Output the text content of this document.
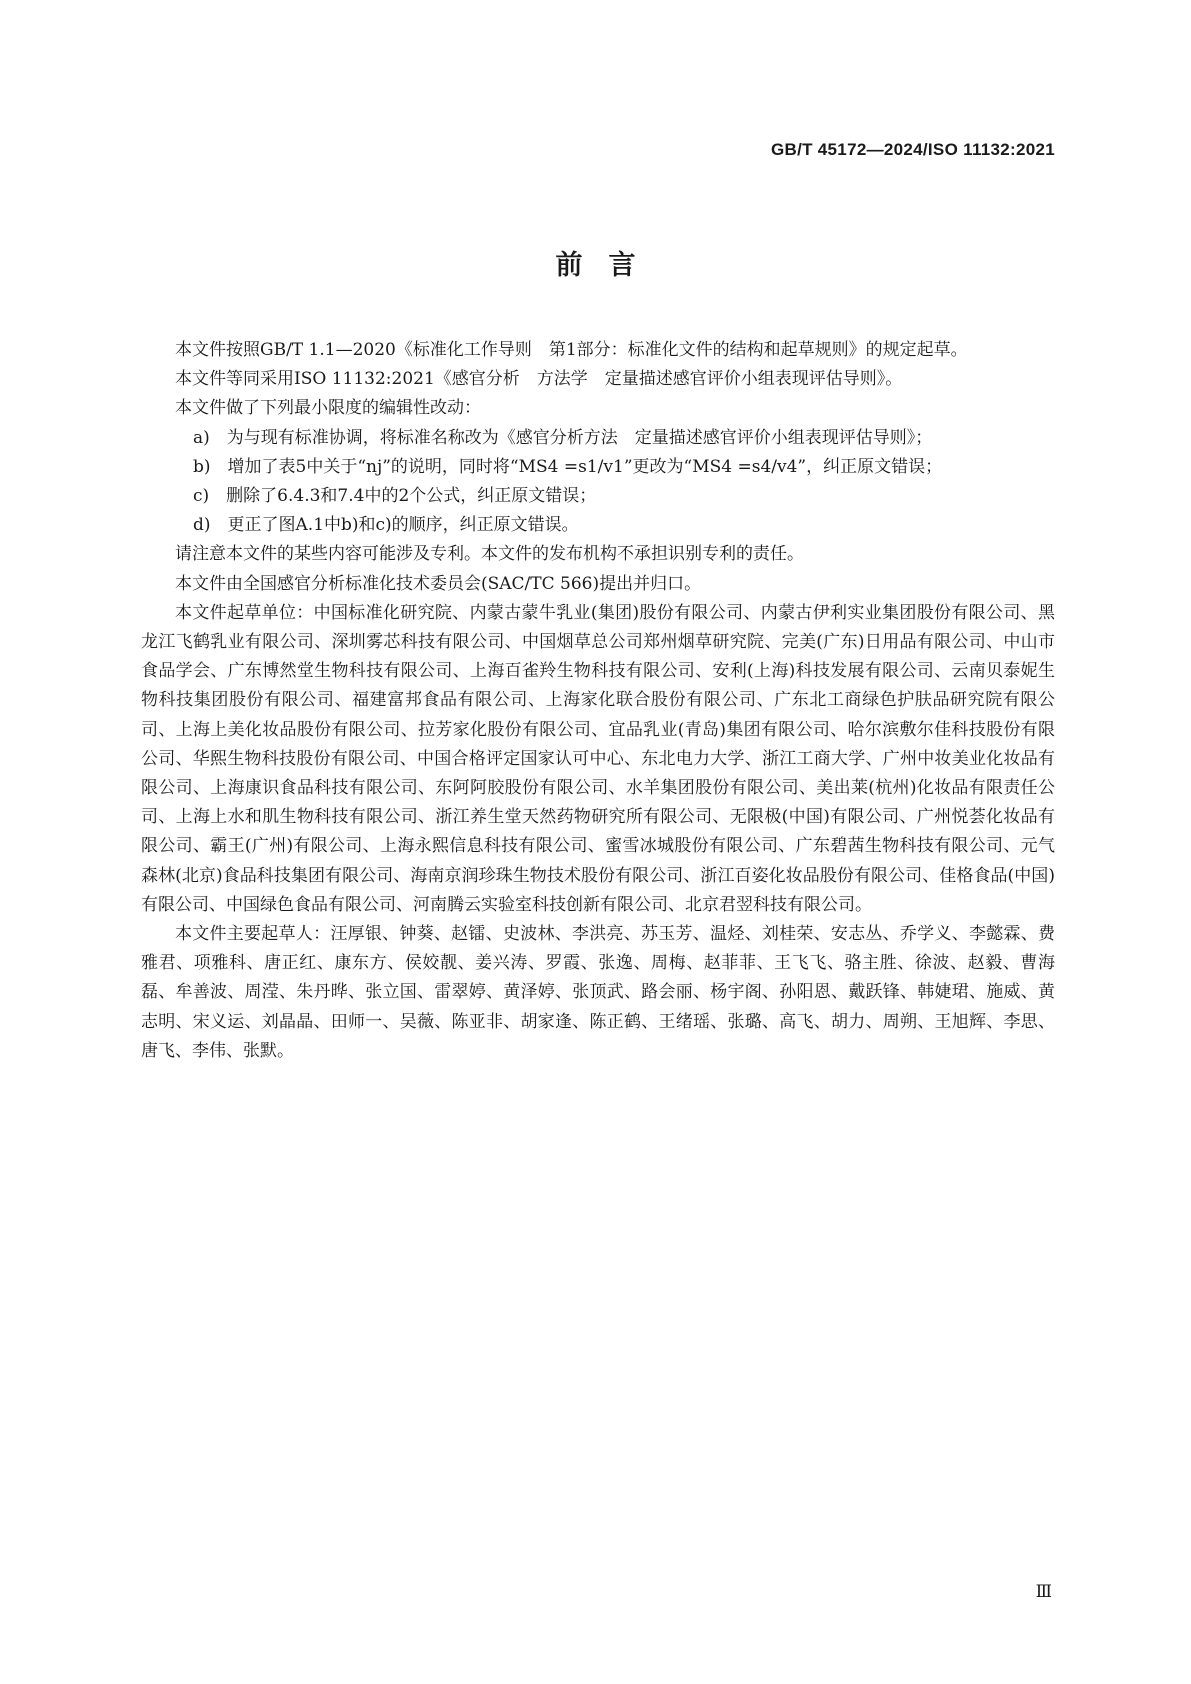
GB/T 45172—2024/ISO 11132:2021
前言

本文件按照GB/T 1.1—2020《标准化工作导则　第1部分：标准化文件的结构和起草规则》的规定起草。

本文件等同采用ISO 11132:2021《感官分析　方法学　定量描述感官评价小组表现评估导则》。

本文件做了下列最小限度的编辑性改动：

a)　为与现有标准协调，将标准名称改为《感官分析方法　定量描述感官评价小组表现评估导则》；

b)　增加了表5中关于“nj”的说明，同时将“MS4 =s1/v1”更改为“MS4 =s4/v4”，纠正原文错误；

c)　删除了6.4.3和7.4中的2个公式，纠正原文错误；

d)　更正了图A.1中b)和c)的顺序，纠正原文错误。

请注意本文件的某些内容可能涉及专利。本文件的发布机构不承担识别专利的责任。

本文件由全国感官分析标准化技术委员会(SAC/TC 566)提出并归口。

本文件起草单位：中国标准化研究院、内蒙古蒙牛乳业(集团)股份有限公司、内蒙古伊利实业集团股份有限公司、黑龙江飞鹤乳业有限公司、深圳雾芯科技有限公司、中国烟草总公司郑州烟草研究院、完美(广东)日用品有限公司、中山市食品学会、广东博然堂生物科技有限公司、上海百雀羚生物科技有限公司、安利(上海)科技发展有限公司、云南贝泰妮生物科技集团股份有限公司、福建富邦食品有限公司、上海家化联合股份有限公司、广东北工商绿色护肤品研究院有限公司、上海上美化妆品股份有限公司、拉芳家化股份有限公司、宜品乳业(青岛)集团有限公司、哈尔滨敷尔佳科技股份有限公司、华熙生物科技股份有限公司、中国合格评定国家认可中心、东北电力大学、浙江工商大学、广州中妆美业化妆品有限公司、上海康识食品科技有限公司、东阿阿胶股份有限公司、水羊集团股份有限公司、美出莱(杭州)化妆品有限责任公司、上海上水和肌生物科技有限公司、浙江养生堂天然药物研究所有限公司、无限极(中国)有限公司、广州悦荟化妆品有限公司、霸王(广州)有限公司、上海永熙信息科技有限公司、蜜雪冰城股份有限公司、广东碧茜生物科技有限公司、元气森林(北京)食品科技集团有限公司、海南京润珍珠生物技术股份有限公司、浙江百姿化妆品股份有限公司、佳格食品(中国)有限公司、中国绿色食品有限公司、河南腾云实验室科技创新有限公司、北京君翌科技有限公司。

本文件主要起草人：汪厚银、钟葵、赵镭、史波林、李洪亮、苏玉芳、温烃、刘桂荣、安志丛、乔学义、李懿霖、费雅君、项雅科、唐正红、康东方、侯姣靓、姜兴涛、罗霞、张逸、周梅、赵菲菲、王飞飞、骆主胜、徐波、赵毅、曹海磊、牟善波、周滢、朱丹晔、张立国、雷翠婷、黄泽婷、张顶武、路会丽、杨宇阁、孙阳恩、戴跃锋、韩婕珺、施威、黄志明、宋义运、刘晶晶、田师一、吴薇、陈亚非、胡家逢、陈正鹤、王绪瑶、张璐、高飞、胡力、周朔、王旭辉、李思、唐飞、李伟、张默。

Ⅲ
